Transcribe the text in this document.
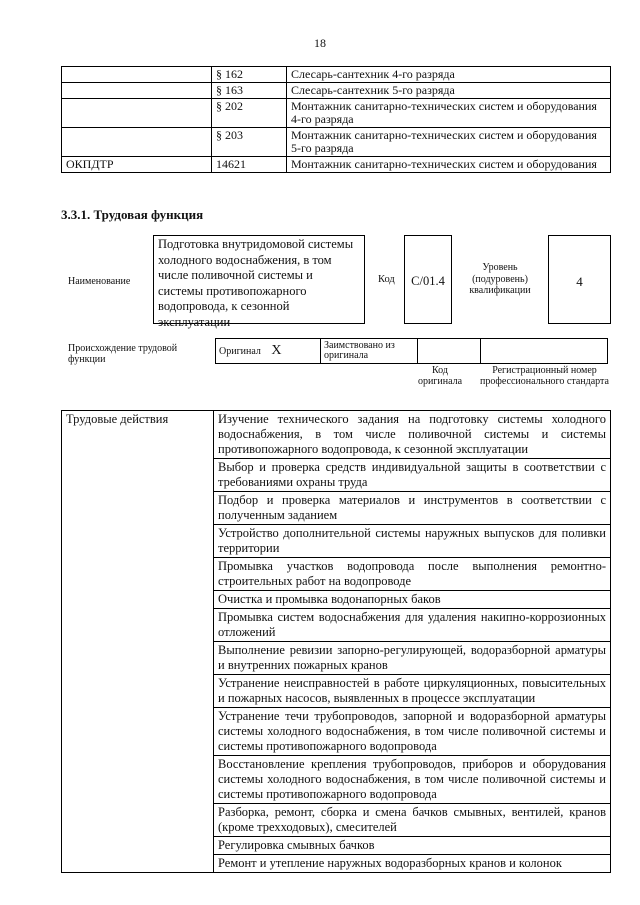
18
	§ 162	Слесарь-сантехник 4-го разряда
	§ 163	Слесарь-сантехник 5-го разряда
	§ 202	Монтажник санитарно-технических систем и оборудования 4-го разряда
	§ 203	Монтажник санитарно-технических систем и оборудования 5-го разряда
ОКПДТР	14621	Монтажник санитарно-технических систем и оборудования
3.3.1. Трудовая функция
Наименование
Подготовка внутридомовой системы холодного водоснабжения, в том числе поливочной системы и системы противопожарного водопровода, к сезонной эксплуатации
Код	С/01.4
Уровень (подуровень) квалификации
4
Происхождение трудовой функции
Оригинал X	Заимствовано из оригинала		
Код оригинала
Регистрационный номер профессионального стандарта
Трудовые действия	Изучение технического задания на подготовку системы холодного водоснабжения, в том числе поливочной системы и системы противопожарного водопровода, к сезонной эксплуатации
Выбор и проверка средств индивидуальной защиты в соответствии с требованиями охраны труда
Подбор и проверка материалов и инструментов в соответствии с полученным заданием
Устройство дополнительной системы наружных выпусков для поливки территории
Промывка участков водопровода после выполнения ремонтно-строительных работ на водопроводе
Очистка и промывка водонапорных баков
Промывка систем водоснабжения для удаления накипно-коррозионных отложений
Выполнение ревизии запорно-регулирующей, водоразборной арматуры и внутренних пожарных кранов
Устранение неисправностей в работе циркуляционных, повысительных и пожарных насосов, выявленных в процессе эксплуатации
Устранение течи трубопроводов, запорной и водоразборной арматуры системы холодного водоснабжения, в том числе поливочной системы и системы противопожарного водопровода
Восстановление крепления трубопроводов, приборов и оборудования системы холодного водоснабжения, в том числе поливочной системы и системы противопожарного водопровода
Разборка, ремонт, сборка и смена бачков смывных, вентилей, кранов (кроме трехходовых), смесителей
Регулировка смывных бачков
Ремонт и утепление наружных водоразборных кранов и колонок
